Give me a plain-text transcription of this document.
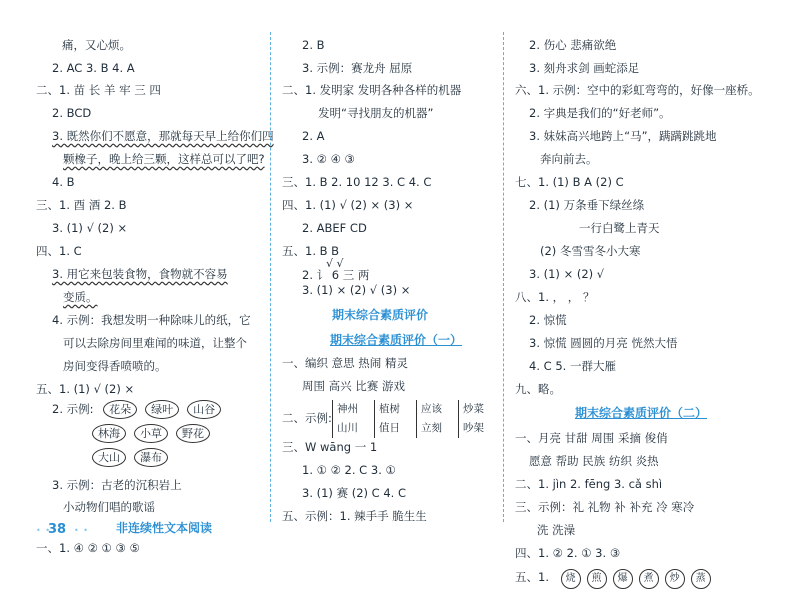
2. 示例: 花朵 绿叶 山谷
林海 小草 野花
大山 瀑布
非连续性文本阅读
痛，又心烦。
2. AC 3. B 4. A
二、1. 苗 长 羊 牢 三 四
2. BCD
3. 既然你们不愿意，那就每天早上给你们四
颗橡子，晚上给三颗，这样总可以了吧?
4. B
三、1. 酉 酒 2. B
3. (1) √ (2) ×
四、1. C
3. 用它来包装食物，食物就不容易
变质。
4. 示例：我想发明一种除味儿的纸，它
可以去除房间里难闻的味道，让整个
房间变得香喷喷的。
五、1. (1) √ (2) ×
3. 示例：古老的沉积岩上
小动物们唱的歌谣
一、1. ④ ② ① ③ ⑤
√ √
2. 讠 6 三 两
期末综合素质评价
期末综合素质评价（一）
一、编织 意思 热闹 精灵
周围 高兴 比赛 游戏
二、示例:
神州
山川
植树
值日
应该
立刻
炒菜
吵架
2. B
3. 示例：赛龙舟 屈原
二、1. 发明家 发明各种各样的机器
发明“寻找朋友的机器”
2. A
3. ② ④ ③
三、1. B 2. 10 12 3. C 4. C
四、1. (1) √ (2) × (3) ×
2. ABEF CD
五、1. B B
3. (1) × (2) √ (3) ×
三、W wāng 一 1
1. ① ② 2. C 3. ①
3. (1) 赛 (2) C 4. C
五、示例：1. 辣手手 脆生生
期末综合素质评价（二）
五、1. 烧 煎 爆 煮 炒 蒸
2. 伤心 悲痛欲绝
3. 刻舟求剑 画蛇添足
六、1. 示例：空中的彩虹弯弯的，好像一座桥。
2. 字典是我们的“好老师”。
3. 妹妹高兴地跨上“马”，蹒蹒跳跳地
奔向前去。
七、1. (1) B A (2) C
2. (1) 万条垂下绿丝绦
一行白鹭上青天
(2) 冬雪雪冬小大寒
3. (1) × (2) √
八、1. ， ， ？
2. 惊慌
3. 惊慌 圆圆的月亮 恍然大悟
4. C 5. 一群大雁
九、略。
一、月亮 甘甜 周围 采摘 俊俏
愿意 帮助 民族 纺织 炎热
二、1. jìn 2. fēng 3. cǎ shì
三、示例：礼 礼物 补 补充 冷 寒冷
洗 洗澡
四、1. ② 2. ① 3. ③
• •
38 • •
